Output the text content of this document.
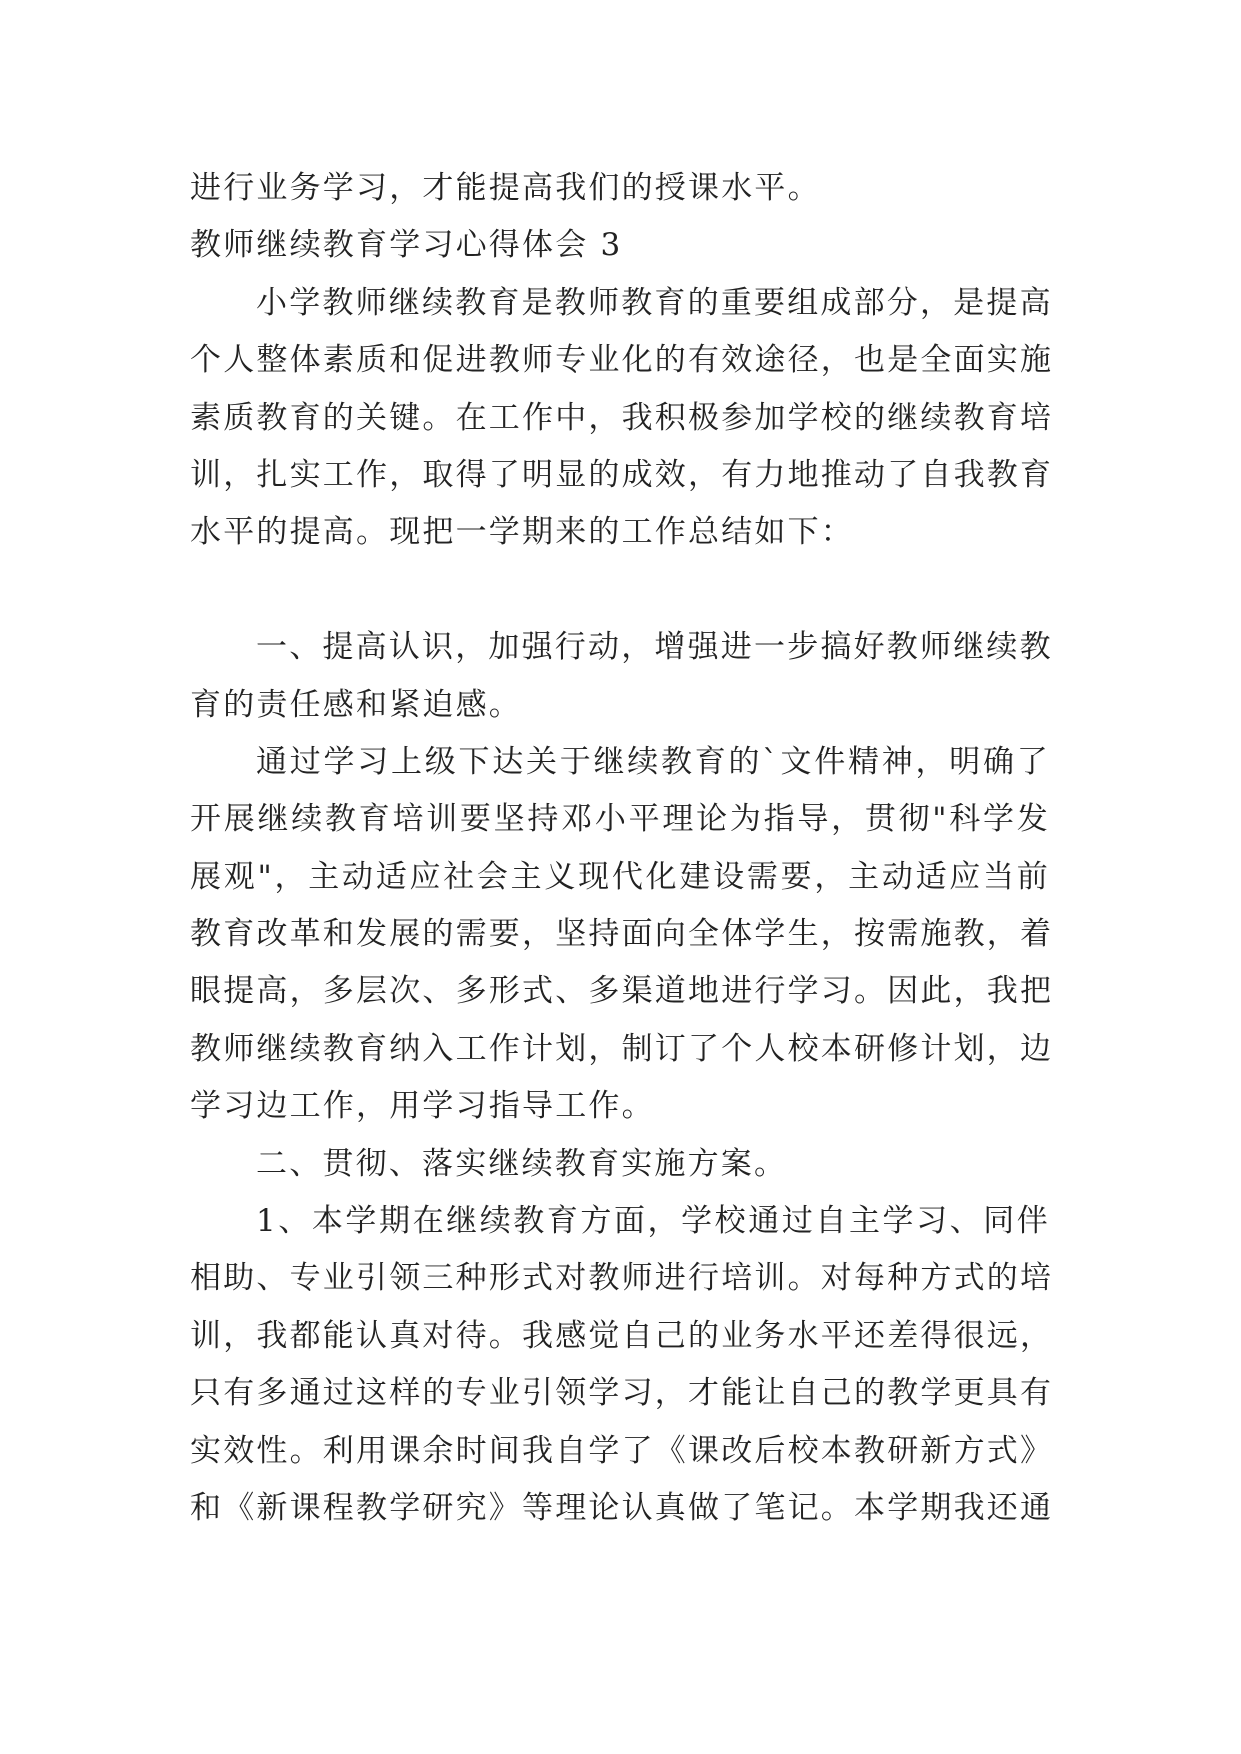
进行业务学习，才能提高我们的授课水平。
教师继续教育学习心得体会 3
小学教师继续教育是教师教育的重要组成部分，是提高
个人整体素质和促进教师专业化的有效途径，也是全面实施
素质教育的关键。在工作中，我积极参加学校的继续教育培
训，扎实工作，取得了明显的成效，有力地推动了自我教育
水平的提高。现把一学期来的工作总结如下：
一、提高认识，加强行动，增强进一步搞好教师继续教
育的责任感和紧迫感。
通过学习上级下达关于继续教育的`文件精神，明确了
开展继续教育培训要坚持邓小平理论为指导，贯彻"科学发
展观"，主动适应社会主义现代化建设需要，主动适应当前
教育改革和发展的需要，坚持面向全体学生，按需施教，着
眼提高，多层次、多形式、多渠道地进行学习。因此，我把
教师继续教育纳入工作计划，制订了个人校本研修计划，边
学习边工作，用学习指导工作。
二、贯彻、落实继续教育实施方案。
1、本学期在继续教育方面，学校通过自主学习、同伴
相助、专业引领三种形式对教师进行培训。对每种方式的培
训，我都能认真对待。我感觉自己的业务水平还差得很远，
只有多通过这样的专业引领学习，才能让自己的教学更具有
实效性。利用课余时间我自学了《课改后校本教研新方式》
和《新课程教学研究》等理论认真做了笔记。本学期我还通
